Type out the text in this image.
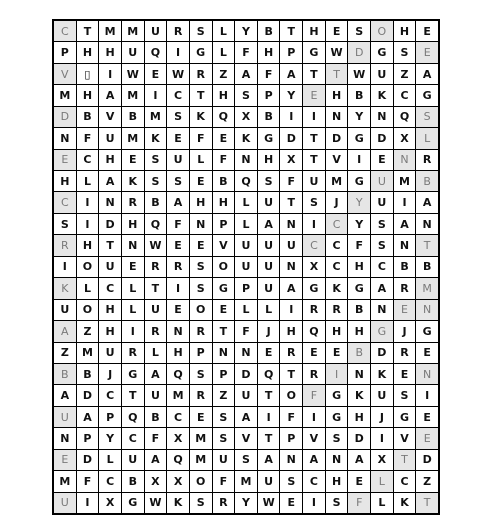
C	T	M	M	U	R	S	L	Y	B	T	H	E	S	O	H	E
P	H	H	U	Q	I	G	L	F	H	P	G	W	D	G	S	E
V	▯	I	W	E	W	R	Z	A	F	A	T	T	W	U	Z	A
M	H	A	M	I	C	T	H	S	P	Y	E	H	B	K	C	G
D	B	V	B	M	S	K	Q	X	B	I	I	N	Y	N	Q	S
N	F	U	M	K	E	F	E	K	G	D	T	D	G	D	X	L
E	C	H	E	S	U	L	F	N	H	X	T	V	I	E	N	R
H	L	A	K	S	S	E	B	Q	S	F	U	M	G	U	M	B
C	I	N	R	B	A	H	H	L	U	T	S	J	Y	U	I	A
S	I	D	H	Q	F	N	P	L	A	N	I	C	Y	S	A	N
R	H	T	N	W	E	E	V	U	U	U	C	C	F	S	N	T
I	O	U	E	R	R	S	O	U	U	N	X	C	H	C	B	B
K	L	C	L	T	I	S	G	P	U	A	G	K	G	A	R	M
U	O	H	L	U	E	O	E	L	L	I	R	R	B	N	E	N
A	Z	H	I	R	N	R	T	F	J	H	Q	H	H	G	J	G
Z	M	U	R	L	H	P	N	N	E	R	E	E	B	D	R	E
B	B	J	G	A	Q	S	P	D	Q	T	R	I	N	K	E	N
A	D	C	T	U	M	R	Z	U	T	O	F	G	K	U	S	I
U	A	P	Q	B	C	E	S	A	I	F	I	G	H	J	G	E
N	P	Y	C	F	X	M	S	V	T	P	V	S	D	I	V	E
E	D	L	U	A	Q	M	U	S	A	N	A	N	A	X	T	D
M	F	C	B	X	X	O	F	M	U	S	C	H	E	L	C	Z
U	I	X	G	W	K	S	R	Y	W	E	I	S	F	L	K	T
